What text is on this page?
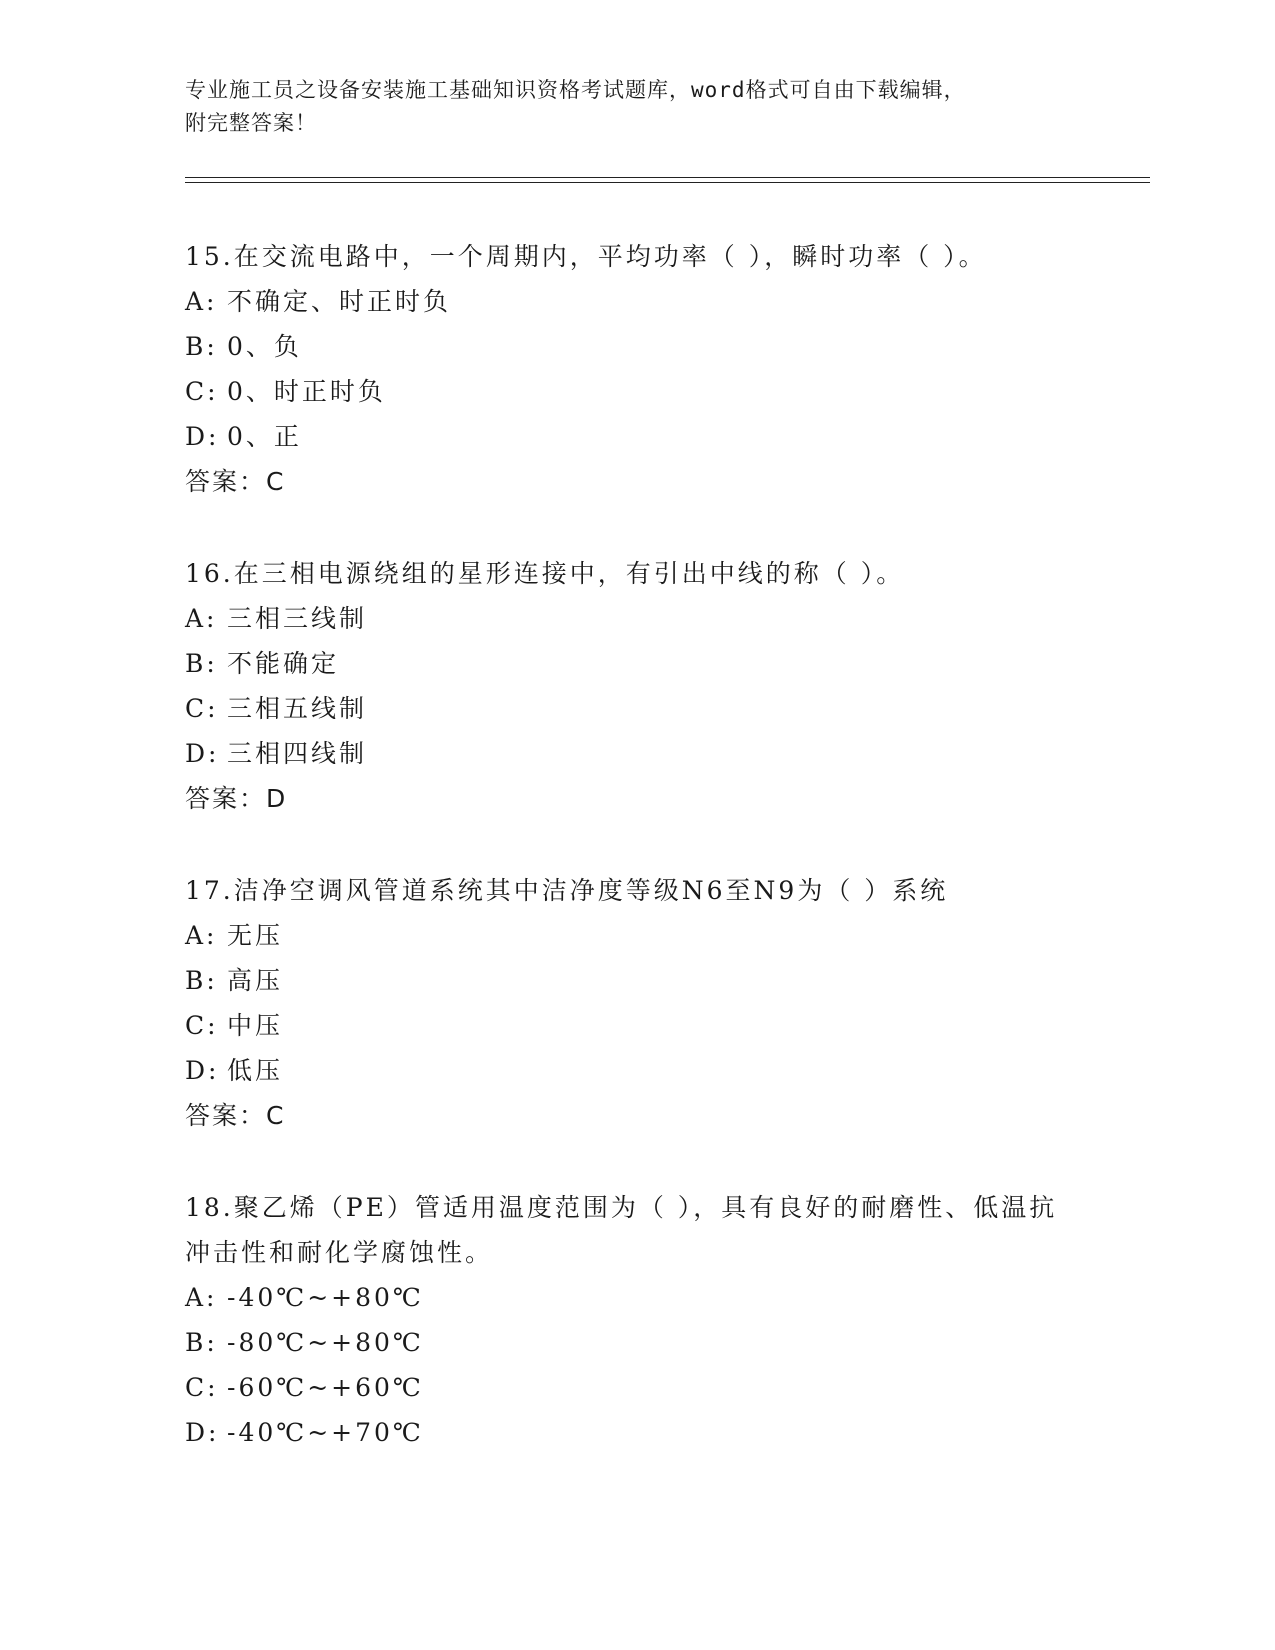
专业施工员之设备安装施工基础知识资格考试题库，word格式可自由下载编辑，
附完整答案！
15.在交流电路中，一个周期内，平均功率（ ），瞬时功率（ ）。
A: 不确定、时正时负
B: 0、负
C: 0、时正时负
D: 0、正
答案：C
16.在三相电源绕组的星形连接中，有引出中线的称（ ）。
A: 三相三线制
B: 不能确定
C: 三相五线制
D: 三相四线制
答案：D
17.洁净空调风管道系统其中洁净度等级N6至N9为（ ）系统
A: 无压
B: 高压
C: 中压
D: 低压
答案：C
18.聚乙烯（PE）管适用温度范围为（ ），具有良好的耐磨性、低温抗冲击性和耐化学腐蚀性。
A: -40℃~+80℃
B: -80℃~+80℃
C: -60℃~+60℃
D: -40℃~+70℃
